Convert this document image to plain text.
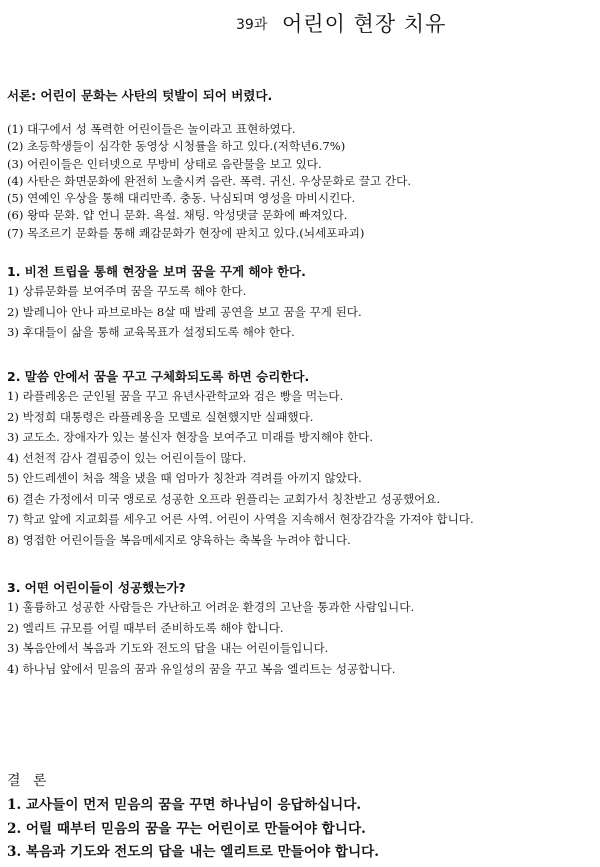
39과 어린이 현장 치유
서론: 어린이 문화는 사탄의 텃발이 되어 버렸다.
(1) 대구에서 성 폭력한 어린이들은 놀이라고 표현하였다.
(2) 초등학생들이 심각한 동영상 시청률을 하고 있다.(저학년6.7%)
(3) 어린이들은 인터넷으로 무방비 상태로 음란물을 보고 있다.
(4) 사탄은 화면문화에 완전히 노출시켜 음란. 폭력. 귀신. 우상문화로 끌고 간다.
(5) 연예인 우상을 통해 대리만족. 충동. 낙심되며 영성을 마비시킨다.
(6) 왕따 문화. 얍 언니 문화. 욕설. 채팅. 악성댓글 문화에 빠져있다.
(7) 목조르기 문화를 통해 쾌감문화가 현장에 판치고 있다.(뇌세포파괴)
1. 비전 트립을 통해 현장을 보며 꿈을 꾸게 해야 한다.
1) 상류문화를 보여주며 꿈을 꾸도록 해야 한다.
2) 발레니아 안나 파브로바는 8살 때 발레 공연을 보고 꿈을 꾸게 된다.
3) 후대들이 삶을 통해 교육목표가 설정되도록 해야 한다.
2. 말씀 안에서 꿈을 꾸고 구체화되도록 하면 승리한다.
1) 라플레옹은 군인될 꿈을 꾸고 유년사관학교와 검은 빵을 먹는다.
2) 박정희 대통령은 라플레옹을 모델로 실현했지만 실패했다.
3) 교도소. 장애자가 있는 불신자 현장을 보여주고 미래를 방지해야 한다.
4) 선천적 감사 결핍증이 있는 어린이들이 많다.
5) 안드레센이 처음 책을 냈을 때 엄마가 칭찬과 격려를 아끼지 않았다.
6) 결손 가정에서 미국 앵로로 성공한 오프라 윈플리는 교회가서 칭찬받고 성공했어요.
7) 학교 앞에 지교회를 세우고 어른 사역. 어린이 사역을 지속해서 현장감각을 가져야 합니다.
8) 영접한 어린이들을 복음메세지로 양육하는 축복을 누려야 합니다.
3. 어떤 어린이들이 성공했는가?
1) 훌륭하고 성공한 사람들은 가난하고 어려운 환경의 고난을 통과한 사람입니다.
2) 엘리트 규모를 어릴 때부터 준비하도록 해야 합니다.
3) 복음안에서 복음과 기도와 전도의 답을 내는 어린이들입니다.
4) 하나님 앞에서 믿음의 꿈과 유일성의 꿈을 꾸고 복음 엘리트는 성공합니다.
결 론
1. 교사들이 먼저 믿음의 꿈을 꾸면 하나님이 응답하십니다.
2. 어릴 때부터 믿음의 꿈을 꾸는 어린이로 만들어야 합니다.
3. 복음과 기도와 전도의 답을 내는 엘리트로 만들어야 합니다.
